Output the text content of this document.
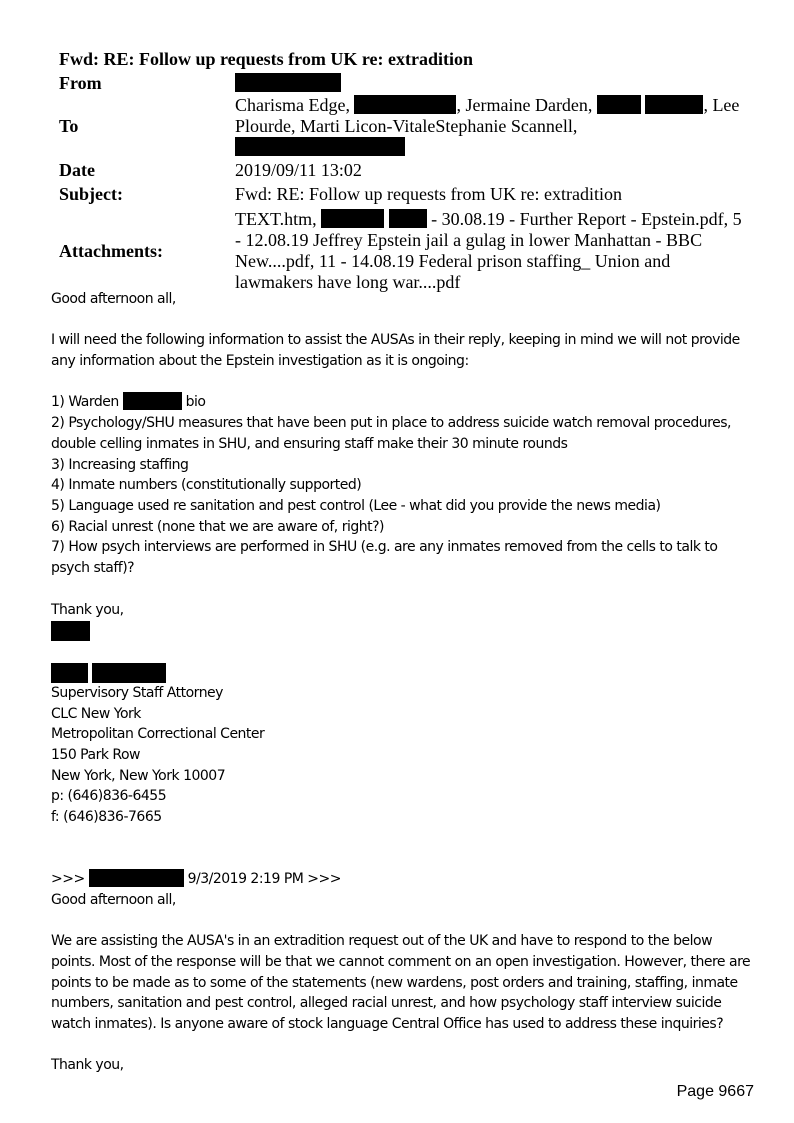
Fwd: RE: Follow up requests from UK re: extradition
From	
To	Charisma Edge, , Jermaine Darden, , Lee Plourde, Marti Licon-VitaleStephanie Scannell,
Date	2019/09/11 13:02
Subject:	Fwd: RE: Follow up requests from UK re: extradition
Attachments:	TEXT.htm, - 30.08.19 - Further Report - Epstein.pdf, 5 - 12.08.19 Jeffrey Epstein jail a gulag in lower Manhattan - BBC New....pdf, 11 - 14.08.19 Federal prison staffing_ Union and lawmakers have long war....pdf

Good afternoon all,

I will need the following information to assist the AUSAs in their reply, keeping in mind we will not provide any information about the Epstein investigation as it is ongoing:

1) Warden	bio

2) Psychology/SHU measures that have been put in place to address suicide watch removal procedures, double celling inmates in SHU, and ensuring staff make their 30 minute rounds

3) Increasing staffing

4) Inmate numbers (constitutionally supported)

5) Language used re sanitation and pest control (Lee - what did you provide the news media)

6) Racial unrest (none that we are aware of, right?)

7) How psych interviews are performed in SHU (e.g. are any inmates removed from the cells to talk to psych staff)?

Thank you,

Supervisory Staff Attorney

CLC New York

Metropolitan Correctional Center

150 Park Row

New York, New York 10007

p: (646)836-6455

f: (646)836-7665

>>>	9/3/2019 2:19 PM >>>

Good afternoon all,

We are assisting the AUSA's in an extradition request out of the UK and have to respond to the below points. Most of the response will be that we cannot comment on an open investigation. However, there are points to be made as to some of the statements (new wardens, post orders and training, staffing, inmate numbers, sanitation and pest control, alleged racial unrest, and how psychology staff interview suicide watch inmates). Is anyone aware of stock language Central Office has used to address these inquiries?

Thank you,

Page 9667
